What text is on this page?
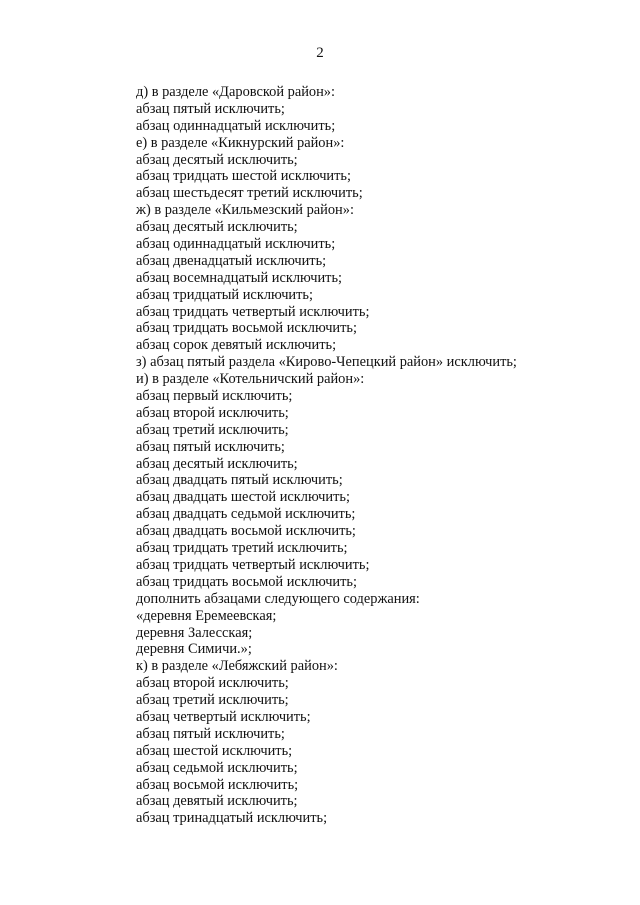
2
д) в разделе «Даровской район»:
абзац пятый исключить;
абзац одиннадцатый исключить;
е) в разделе «Кикнурский район»:
абзац десятый исключить;
абзац тридцать шестой исключить;
абзац шестьдесят третий исключить;
ж) в разделе «Кильмезский район»:
абзац десятый исключить;
абзац одиннадцатый исключить;
абзац двенадцатый исключить;
абзац восемнадцатый исключить;
абзац тридцатый исключить;
абзац тридцать четвертый исключить;
абзац тридцать восьмой исключить;
абзац сорок девятый исключить;
з) абзац пятый раздела «Кирово-Чепецкий район» исключить;
и) в разделе «Котельничский район»:
абзац первый исключить;
абзац второй исключить;
абзац третий исключить;
абзац пятый исключить;
абзац десятый исключить;
абзац двадцать пятый исключить;
абзац двадцать шестой исключить;
абзац двадцать седьмой исключить;
абзац двадцать восьмой исключить;
абзац тридцать третий исключить;
абзац тридцать четвертый исключить;
абзац тридцать восьмой исключить;
дополнить абзацами следующего содержания:
«деревня Еремеевская;
деревня Залесская;
деревня Симичи.»;
к) в разделе «Лебяжский район»:
абзац второй исключить;
абзац третий исключить;
абзац четвертый исключить;
абзац пятый исключить;
абзац шестой исключить;
абзац седьмой исключить;
абзац восьмой исключить;
абзац девятый исключить;
абзац тринадцатый исключить;
